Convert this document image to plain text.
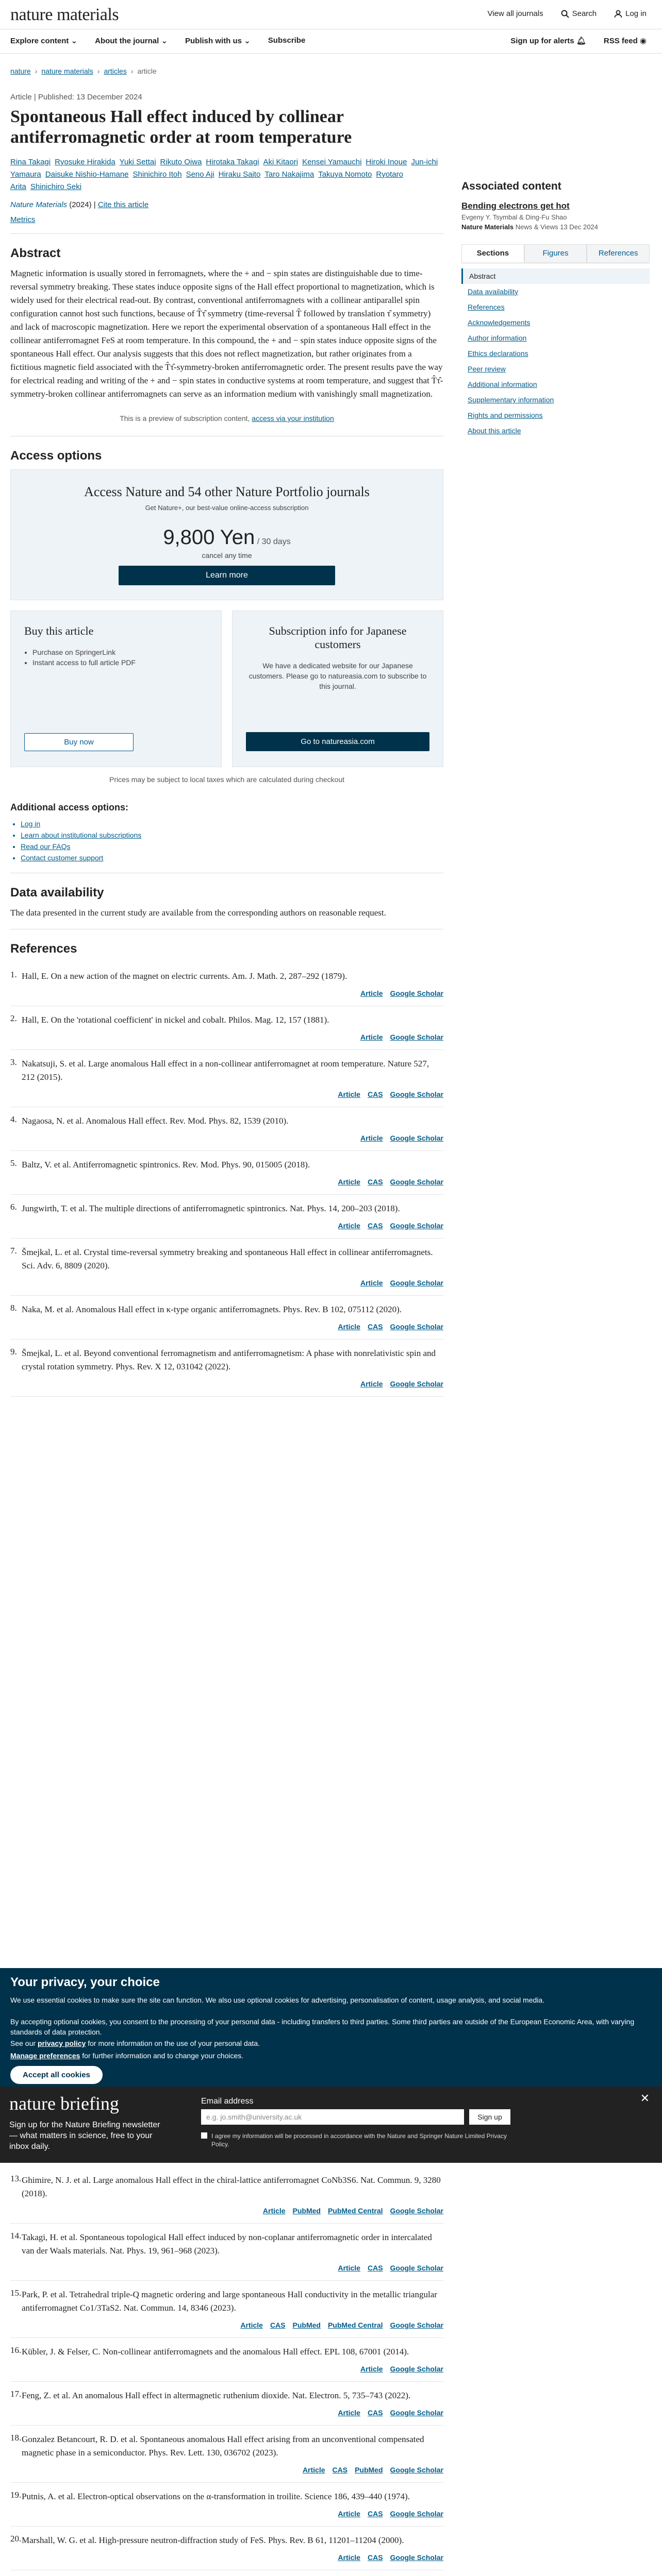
nature materials	View all journals	Search	Log in
Explore content ⌄ About the journal ⌄ Publish with us ⌄ Subscribe	Sign up for alerts 🔔︎ RSS feed ◉
nature › nature materials › articles › article
Article | Published: 13 December 2024
Spontaneous Hall effect induced by collinear antiferromagnetic order at room temperature
Rina Takagi Ryosuke Hirakida Yuki Settai Rikuto Oiwa Hirotaka Takagi Aki Kitaori Kensei Yamauchi Hiroki Inoue Jun-ichi Yamaura Daisuke Nishio-Hamane Shinichiro Itoh Seno Aji Hiraku Saito Taro Nakajima Takuya Nomoto Ryotaro Arita Shinichiro Seki
Nature Materials (2024) | Cite this article
Metrics
Abstract
Magnetic information is usually stored in ferromagnets, where the + and − spin states are distinguishable due to time-reversal symmetry breaking. These states induce opposite signs of the Hall effect proportional to magnetization, which is widely used for their electrical read-out. By contrast, conventional antiferromagnets with a collinear antiparallel spin configuration cannot host such functions, because of T̂τ̂ symmetry (time-reversal T̂ followed by translation τ̂ symmetry) and lack of macroscopic magnetization. Here we report the experimental observation of a spontaneous Hall effect in the collinear antiferromagnet FeS at room temperature. In this compound, the + and − spin states induce opposite signs of the spontaneous Hall effect. Our analysis suggests that this does not reflect magnetization, but rather originates from a fictitious magnetic field associated with the T̂τ̂-symmetry-broken antiferromagnetic order. The present results pave the way for electrical reading and writing of the + and − spin states in conductive systems at room temperature, and suggest that T̂τ̂-symmetry-broken collinear antiferromagnets can serve as an information medium with vanishingly small magnetization.
This is a preview of subscription content, access via your institution
Access options
Access Nature and 54 other Nature Portfolio journals
Get Nature+, our best-value online-access subscription
9,800 Yen / 30 days
cancel any time
Learn more
Buy this article
• Purchase on SpringerLink
• Instant access to full article PDF
Buy now
Subscription info for Japanese customers
We have a dedicated website for our Japanese customers. Please go to natureasia.com to subscribe to this journal.
Go to natureasia.com
Prices may be subject to local taxes which are calculated during checkout
Additional access options:
• Log in
• Learn about institutional subscriptions
• Read our FAQs
• Contact customer support
Data availability
The data presented in the current study are available from the corresponding authors on reasonable request.
References
1. Hall, E. On a new action of the magnet on electric currents. Am. J. Math. 2, 287–292 (1879).
Article Google Scholar
2. Hall, E. On the 'rotational coefficient' in nickel and cobalt. Philos. Mag. 12, 157 (1881).
Article Google Scholar
3. Nakatsuji, S. et al. Large anomalous Hall effect in a non-collinear antiferromagnet at room temperature. Nature 527, 212 (2015).
Article CAS Google Scholar
4. Nagaosa, N. et al. Anomalous Hall effect. Rev. Mod. Phys. 82, 1539 (2010).
Article Google Scholar
5. Baltz, V. et al. Antiferromagnetic spintronics. Rev. Mod. Phys. 90, 015005 (2018).
Article CAS Google Scholar
6. Jungwirth, T. et al. The multiple directions of antiferromagnetic spintronics. Nat. Phys. 14, 200–203 (2018).
Article CAS Google Scholar
7. Šmejkal, L. et al. Crystal time-reversal symmetry breaking and spontaneous Hall effect in collinear antiferromagnets. Sci. Adv. 6, 8809 (2020).
Article Google Scholar
8. Naka, M. et al. Anomalous Hall effect in κ-type organic antiferromagnets. Phys. Rev. B 102, 075112 (2020).
Article CAS Google Scholar
9. Šmejkal, L. et al. Beyond conventional ferromagnetism and antiferromagnetism: A phase with nonrelativistic spin and crystal rotation symmetry. Phys. Rev. X 12, 031042 (2022).
Article Google Scholar
13. Ghimire, N. J. et al. Large anomalous Hall effect in the chiral-lattice antiferromagnet CoNb3S6. Nat. Commun. 9, 3280 (2018).
Article PubMed PubMed Central Google Scholar
14. Takagi, H. et al. Spontaneous topological Hall effect induced by non-coplanar antiferromagnetic order in intercalated van der Waals materials. Nat. Phys. 19, 961–968 (2023).
Article CAS Google Scholar
15. Park, P. et al. Tetrahedral triple-Q magnetic ordering and large spontaneous Hall conductivity in the metallic triangular antiferromagnet Co1/3TaS2. Nat. Commun. 14, 8346 (2023).
Article CAS PubMed PubMed Central Google Scholar
16. Kübler, J. & Felser, C. Non-collinear antiferromagnets and the anomalous Hall effect. EPL 108, 67001 (2014).
Article Google Scholar
17. Feng, Z. et al. An anomalous Hall effect in altermagnetic ruthenium dioxide. Nat. Electron. 5, 735–743 (2022).
Article CAS Google Scholar
18. Gonzalez Betancourt, R. D. et al. Spontaneous anomalous Hall effect arising from an unconventional compensated magnetic phase in a semiconductor. Phys. Rev. Lett. 130, 036702 (2023).
Article CAS PubMed Google Scholar
19. Putnis, A. et al. Electron-optical observations on the α-transformation in troilite. Science 186, 439–440 (1974).
Article CAS Google Scholar
20. Marshall, W. G. et al. High-pressure neutron-diffraction study of FeS. Phys. Rev. B 61, 11201–11204 (2000).
Article CAS Google Scholar
Associated content
Bending electrons get hot
Evgeny Y. Tsymbal & Ding-Fu Shao
Nature Materials News & Views 13 Dec 2024
Sections	Figures	References
Abstract
Data availability
References
Acknowledgements
Author information
Ethics declarations
Peer review
Additional information
Supplementary information
Rights and permissions
About this article
Your privacy, your choice

We use essential cookies to make sure the site can function. We also use optional cookies for advertising, personalisation of content, usage analysis, and social media.

By accepting optional cookies, you consent to the processing of your personal data - including transfers to third parties. Some third parties are outside of the European Economic Area, with varying standards of data protection.

See our privacy policy for more information on the use of your personal data.

Manage preferences for further information and to change your choices.

Accept all cookies
nature briefing
Sign up for the Nature Briefing newsletter — what matters in science, free to your inbox daily.
Email address
e.g. jo.smith@university.ac.uk	Sign up
I agree my information will be processed in accordance with the Nature and Springer Nature Limited Privacy Policy.
✕
